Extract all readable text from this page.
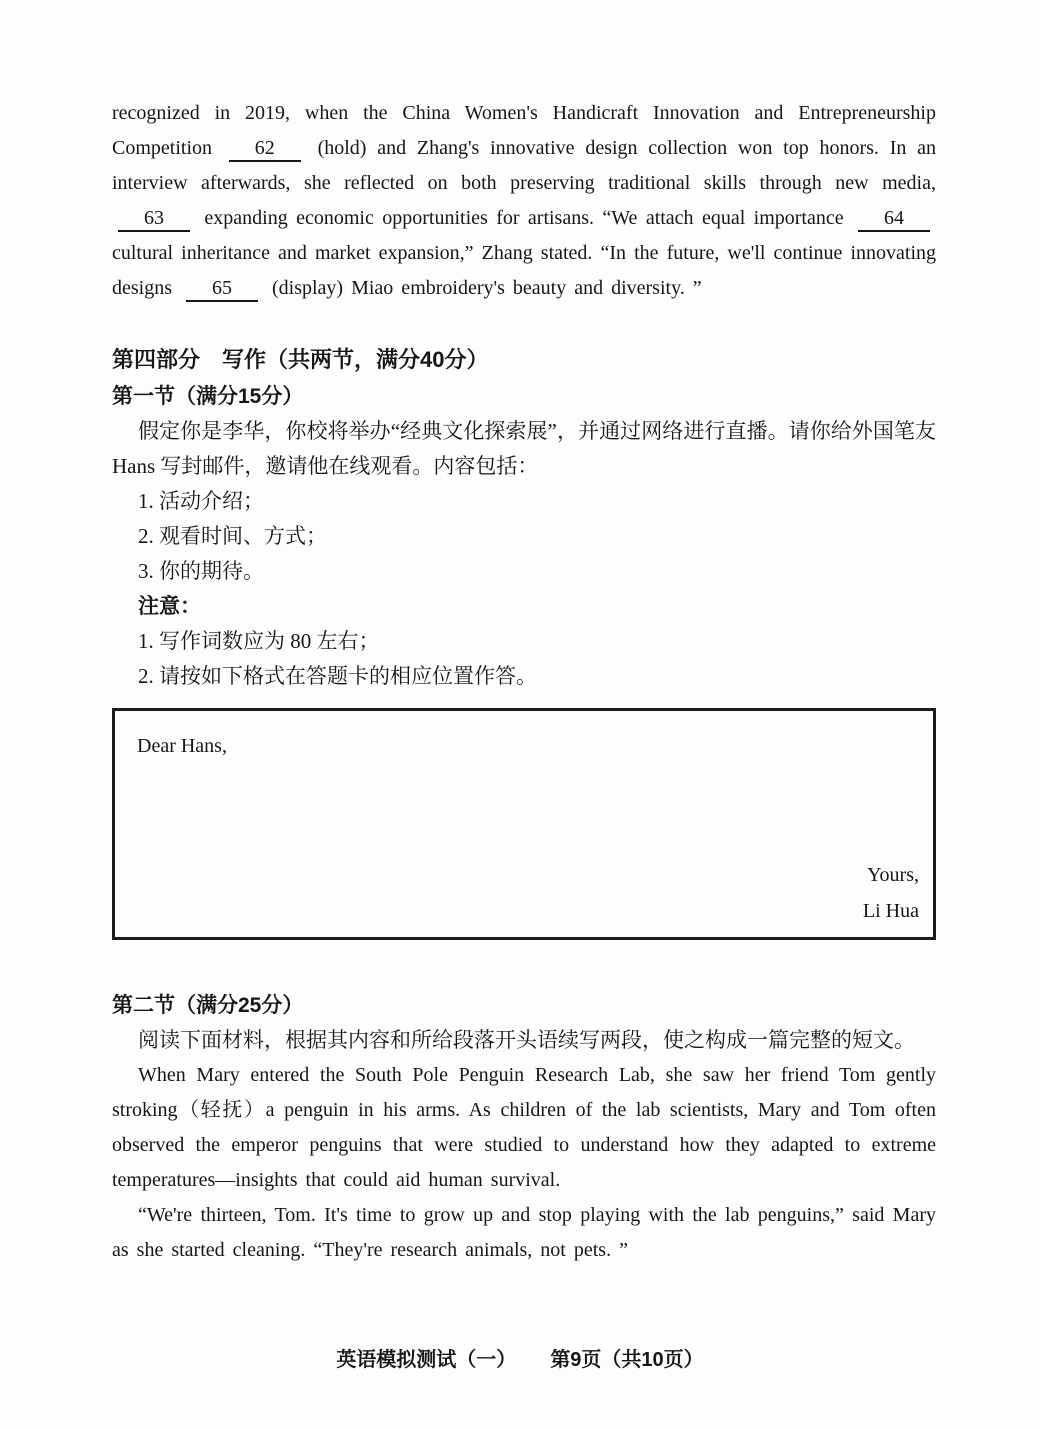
recognized in 2019, when the China Women's Handicraft Innovation and Entrepreneurship Competition 62 (hold) and Zhang's innovative design collection won top honors. In an interview afterwards, she reflected on both preserving traditional skills through new media, 63 expanding economic opportunities for artisans. “We attach equal importance 64 cultural inheritance and market expansion,” Zhang stated. “In the future, we'll continue innovating designs 65 (display) Miao embroidery's beauty and diversity. ”

第四部分　写作（共两节，满分40分）
第一节（满分15分）

假定你是李华，你校将举办“经典文化探索展”，并通过网络进行直播。请你给外国笔友 Hans 写封邮件，邀请他在线观看。内容包括：

1. 活动介绍；
2. 观看时间、方式；
3. 你的期待。
注意：
1. 写作词数应为 80 左右；
2. 请按如下格式在答题卡的相应位置作答。
Dear Hans,
Yours,
Li Hua
第二节（满分25分）

阅读下面材料，根据其内容和所给段落开头语续写两段，使之构成一篇完整的短文。

When Mary entered the South Pole Penguin Research Lab, she saw her friend Tom gently stroking（轻抚）a penguin in his arms. As children of the lab scientists, Mary and Tom often observed the emperor penguins that were studied to understand how they adapted to extreme temperatures—insights that could aid human survival.

“We're thirteen, Tom. It's time to grow up and stop playing with the lab penguins,” said Mary as she started cleaning. “They're research animals, not pets. ”

英语模拟测试（一） 第9页（共10页）
